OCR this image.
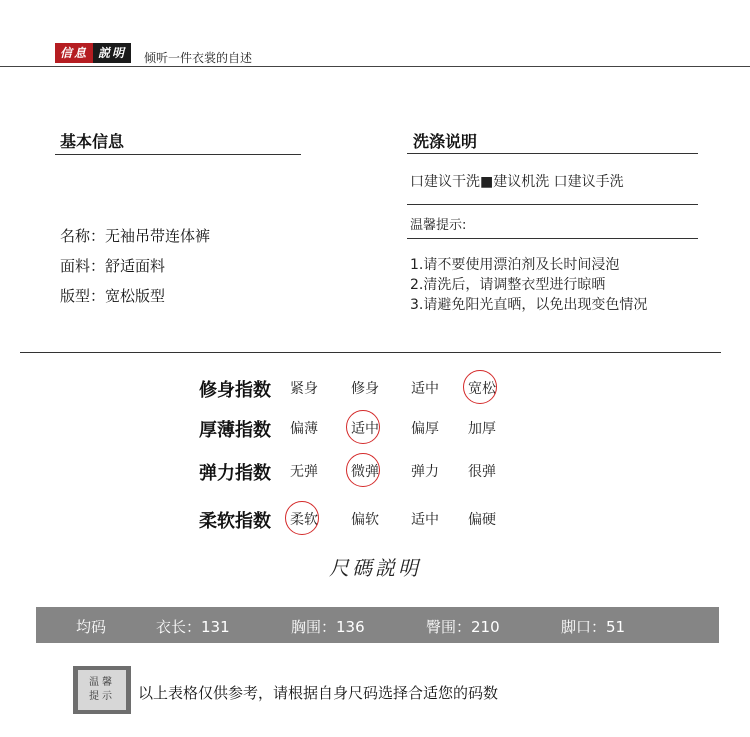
信息 説明	倾听一件衣裳的自述
基本信息
名称：无袖吊带连体裤
面料：舒适面料
版型：宽松版型
洗涤说明
口建议干洗■建议机洗 口建议手洗
温馨提示:
1.请不要使用漂泊剂及长时间浸泡
2.清洗后，请调整衣型进行晾晒
3.请避免阳光直晒，以免出现变色情况
修身指数 紧身 修身 适中 宽松
厚薄指数 偏薄 适中 偏厚 加厚
弹力指数 无弹 微弹 弹力 很弹
柔软指数 柔软 偏软 适中 偏硬
尺碼説明
均码	衣长：131	胸围：136	臀围：210	脚口：51
温馨
提示 以上表格仅供参考，请根据自身尺码选择合适您的码数
